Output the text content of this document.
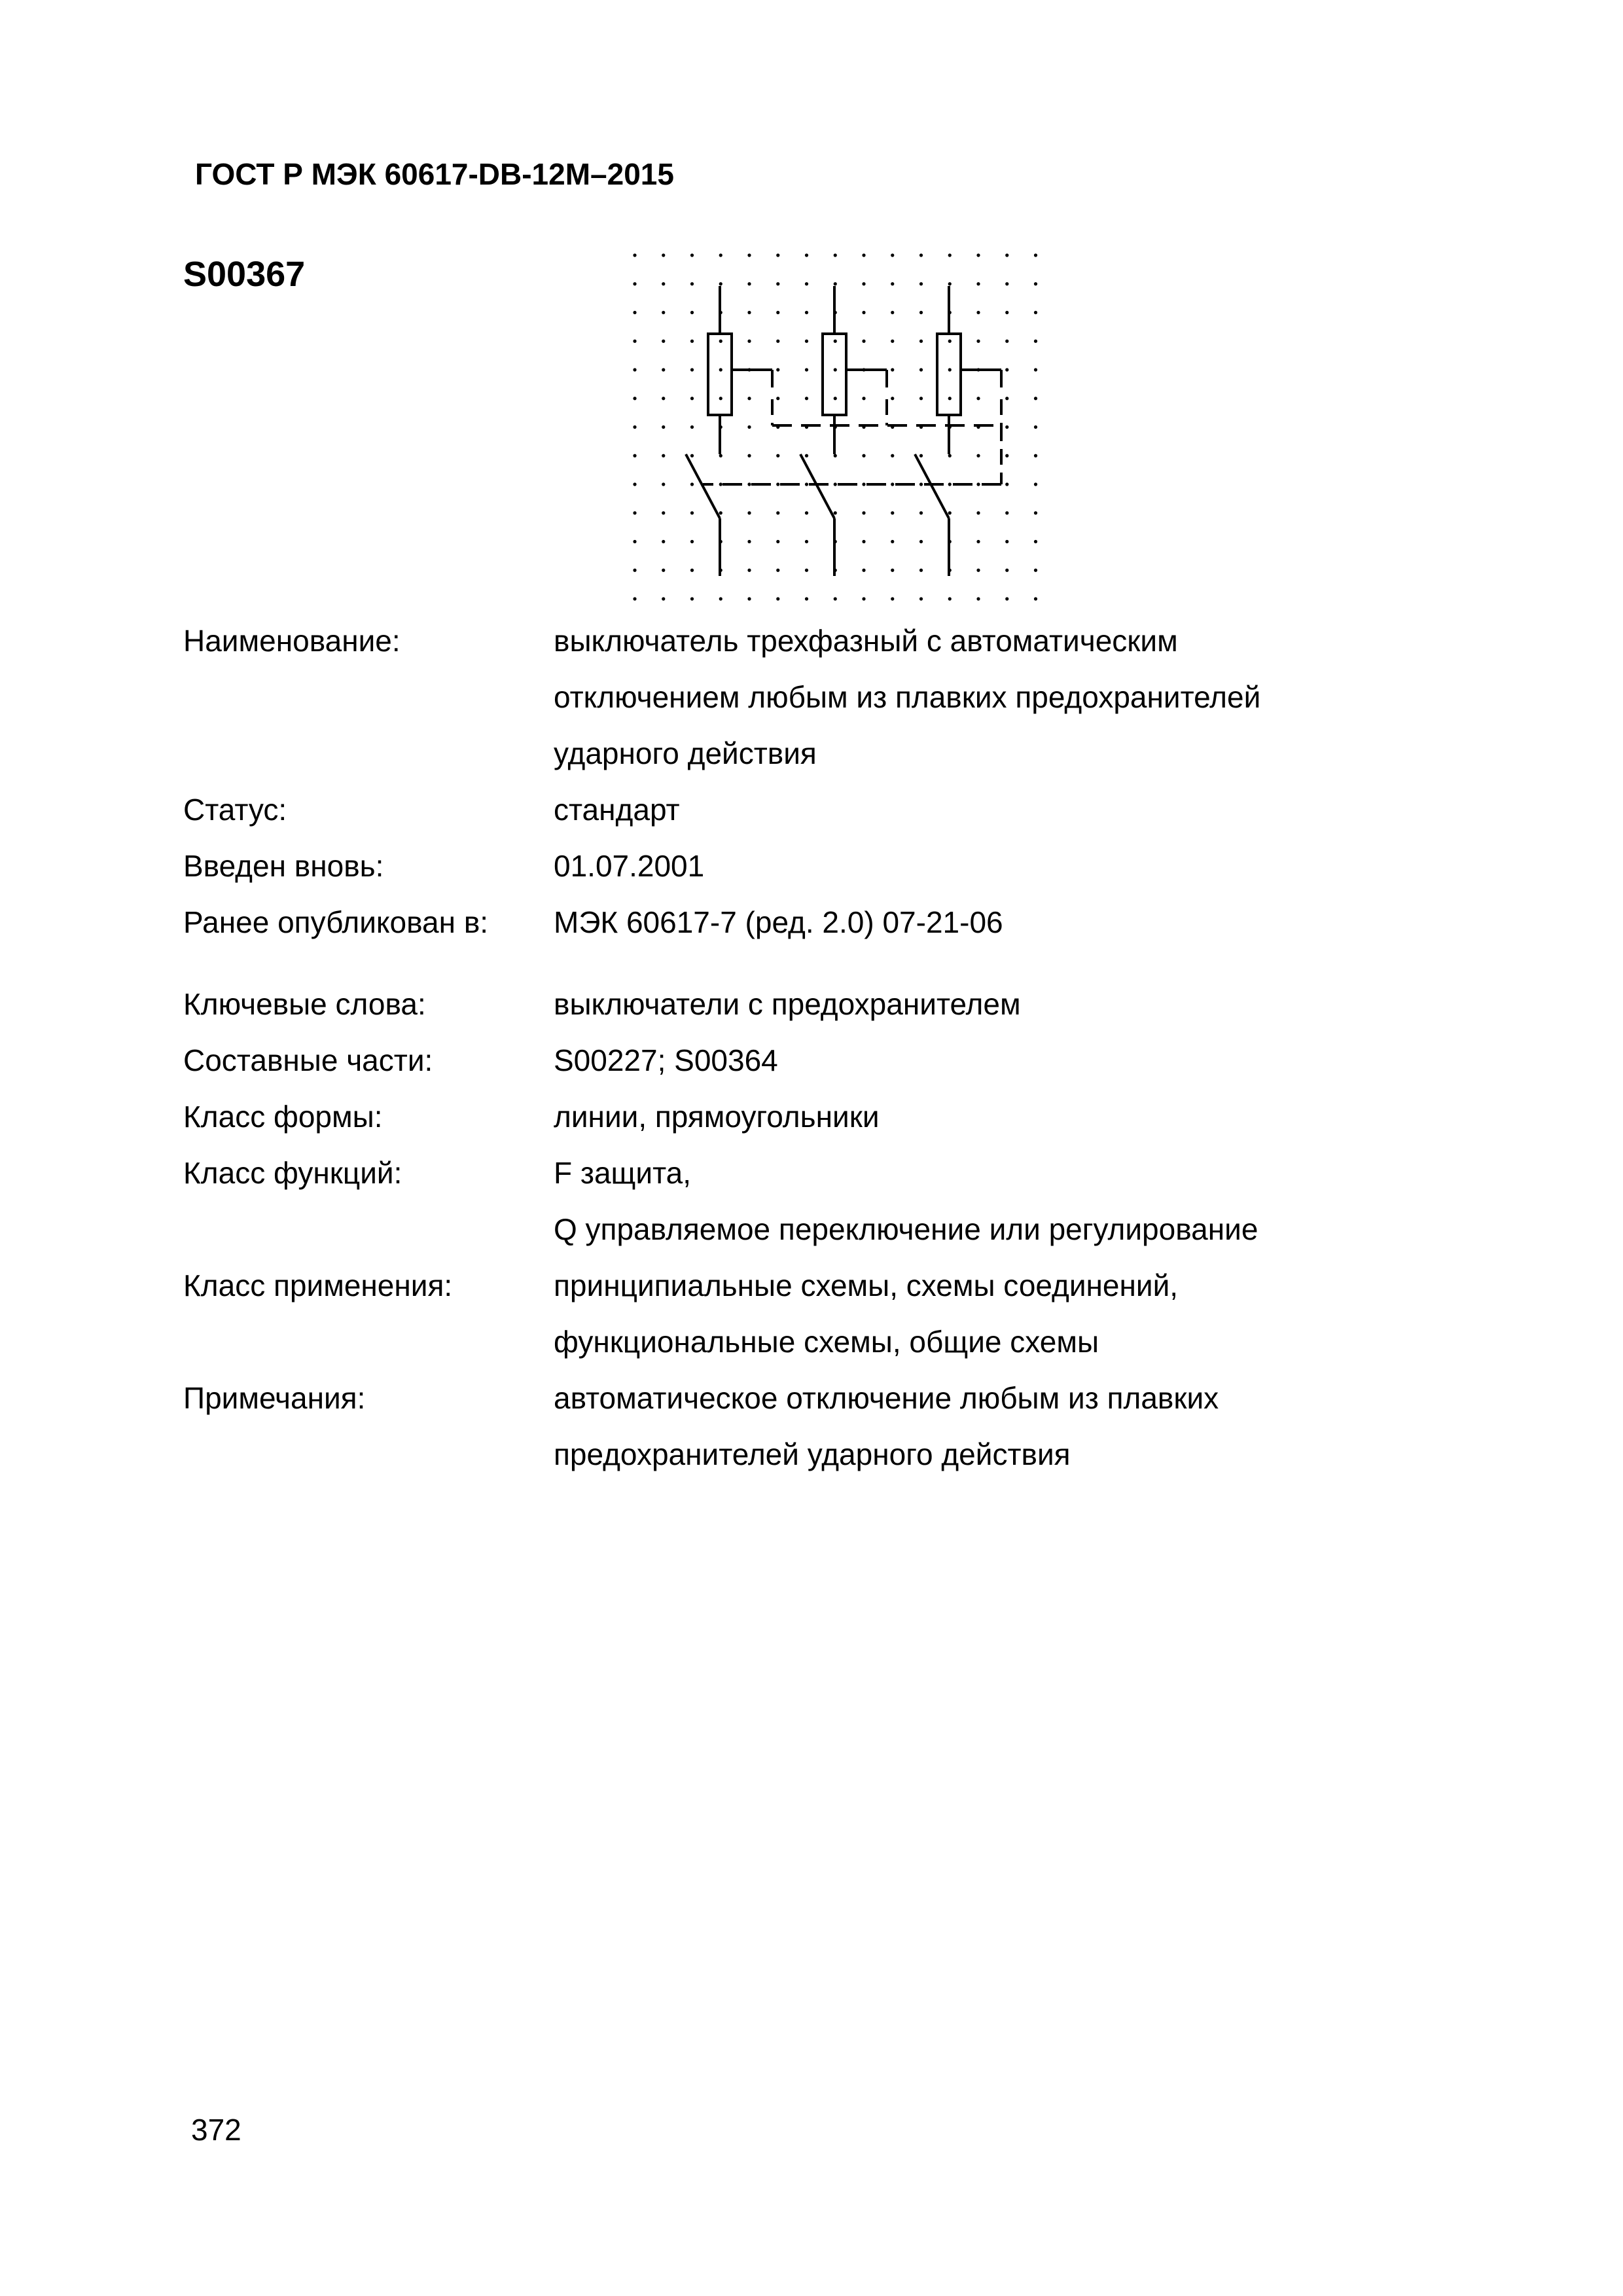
ГОСТ Р МЭК 60617-DB-12M–2015
S00367
Наименование:	выключатель трехфазный с автоматическим
отключением любым из плавких предохранителей
ударного действия
Статус:	стандарт
Введен вновь:	01.07.2001
Ранее опубликован в:	МЭК 60617-7 (ред. 2.0) 07-21-06
Ключевые слова:	выключатели с предохранителем
Составные части:	S00227; S00364
Класс формы:	линии, прямоугольники
Класс функций:	F защита,
Q управляемое переключение или регулирование
Класс применения:	принципиальные схемы, схемы соединений,
функциональные схемы, общие схемы
Примечания:	автоматическое отключение любым из плавких
предохранителей ударного действия
372
